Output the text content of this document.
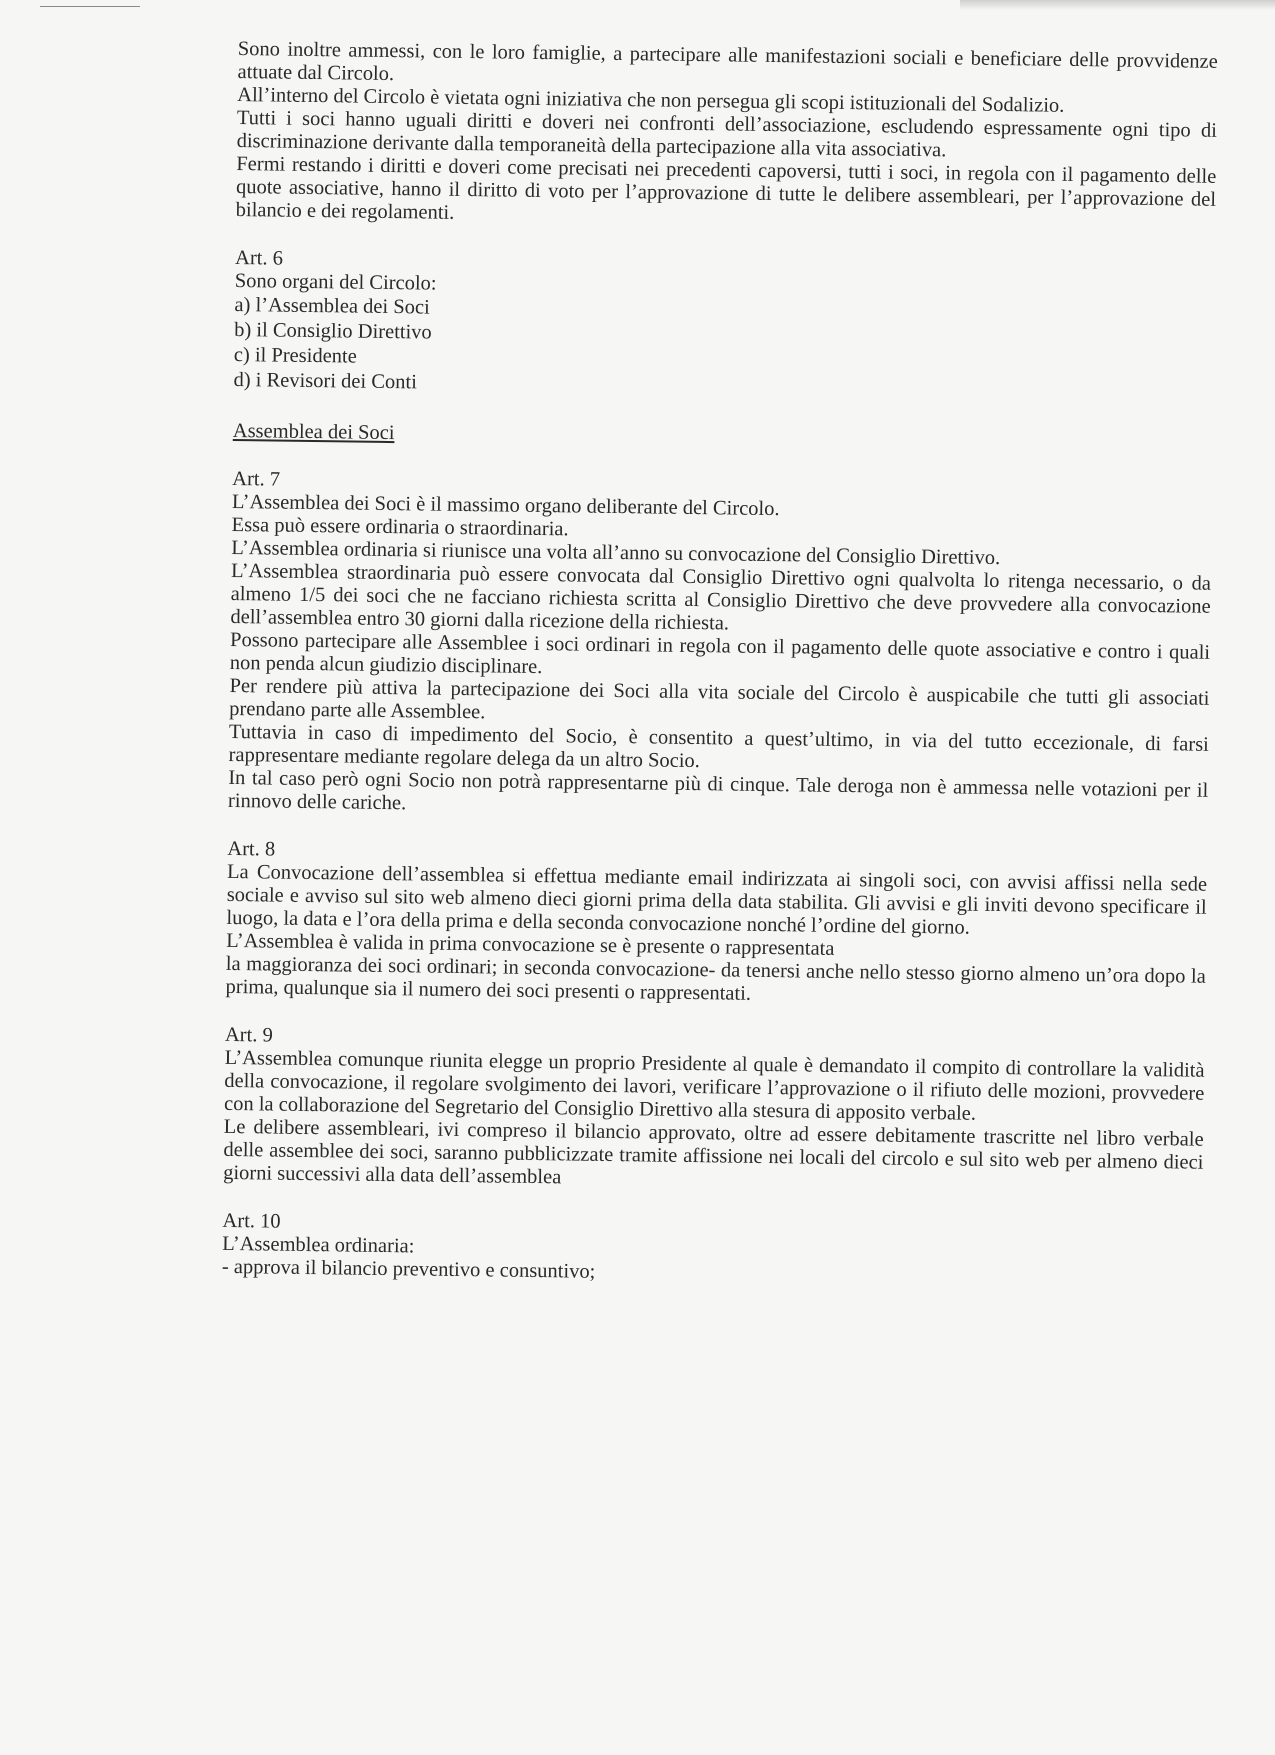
Sono inoltre ammessi, con le loro famiglie, a partecipare alle manifestazioni sociali e beneficiare delle provvidenze attuate dal Circolo.

All’interno del Circolo è vietata ogni iniziativa che non persegua gli scopi istituzionali del Sodalizio.

Tutti i soci hanno uguali diritti e doveri nei confronti dell’associazione, escludendo espressamente ogni tipo di discriminazione derivante dalla temporaneità della partecipazione alla vita associativa.

Fermi restando i diritti e doveri come precisati nei precedenti capoversi, tutti i soci, in regola con il pagamento delle quote associative, hanno il diritto di voto per l’approvazione di tutte le delibere assembleari, per l’approvazione del bilancio e dei regolamenti.

Art. 6

Sono organi del Circolo:

a) l’Assemblea dei Soci
b) il Consiglio Direttivo
c) il Presidente
d) i Revisori dei Conti

Assemblea dei Soci

Art. 7

L’Assemblea dei Soci è il massimo organo deliberante del Circolo.

Essa può essere ordinaria o straordinaria.

L’Assemblea ordinaria si riunisce una volta all’anno su convocazione del Consiglio Direttivo.

L’Assemblea straordinaria può essere convocata dal Consiglio Direttivo ogni qualvolta lo ritenga necessario, o da almeno 1/5 dei soci che ne facciano richiesta scritta al Consiglio Direttivo che deve provvedere alla convocazione dell’assemblea entro 30 giorni dalla ricezione della richiesta.

Possono partecipare alle Assemblee i soci ordinari in regola con il pagamento delle quote associative e contro i quali non penda alcun giudizio disciplinare.

Per rendere più attiva la partecipazione dei Soci alla vita sociale del Circolo è auspicabile che tutti gli associati prendano parte alle Assemblee.

Tuttavia in caso di impedimento del Socio, è consentito a quest’ultimo, in via del tutto eccezionale, di farsi rappresentare mediante regolare delega da un altro Socio.

In tal caso però ogni Socio non potrà rappresentarne più di cinque. Tale deroga non è ammessa nelle votazioni per il rinnovo delle cariche.

Art. 8

La Convocazione dell’assemblea si effettua mediante email indirizzata ai singoli soci, con avvisi affissi nella sede sociale e avviso sul sito web almeno dieci giorni prima della data stabilita. Gli avvisi e gli inviti devono specificare il luogo, la data e l’ora della prima e della seconda convocazione nonché l’ordine del giorno.

L’Assemblea è valida in prima convocazione se è presente o rappresentata

la maggioranza dei soci ordinari; in seconda convocazione- da tenersi anche nello stesso giorno almeno un’ora dopo la prima, qualunque sia il numero dei soci presenti o rappresentati.

Art. 9

L’Assemblea comunque riunita elegge un proprio Presidente al quale è demandato il compito di controllare la validità della convocazione, il regolare svolgimento dei lavori, verificare l’approvazione o il rifiuto delle mozioni, provvedere con la collaborazione del Segretario del Consiglio Direttivo alla stesura di apposito verbale.

Le delibere assembleari, ivi compreso il bilancio approvato, oltre ad essere debitamente trascritte nel libro verbale delle assemblee dei soci, saranno pubblicizzate tramite affissione nei locali del circolo e sul sito web per almeno dieci giorni successivi alla data dell’assemblea

Art. 10

L’Assemblea ordinaria:

- approva il bilancio preventivo e consuntivo;
